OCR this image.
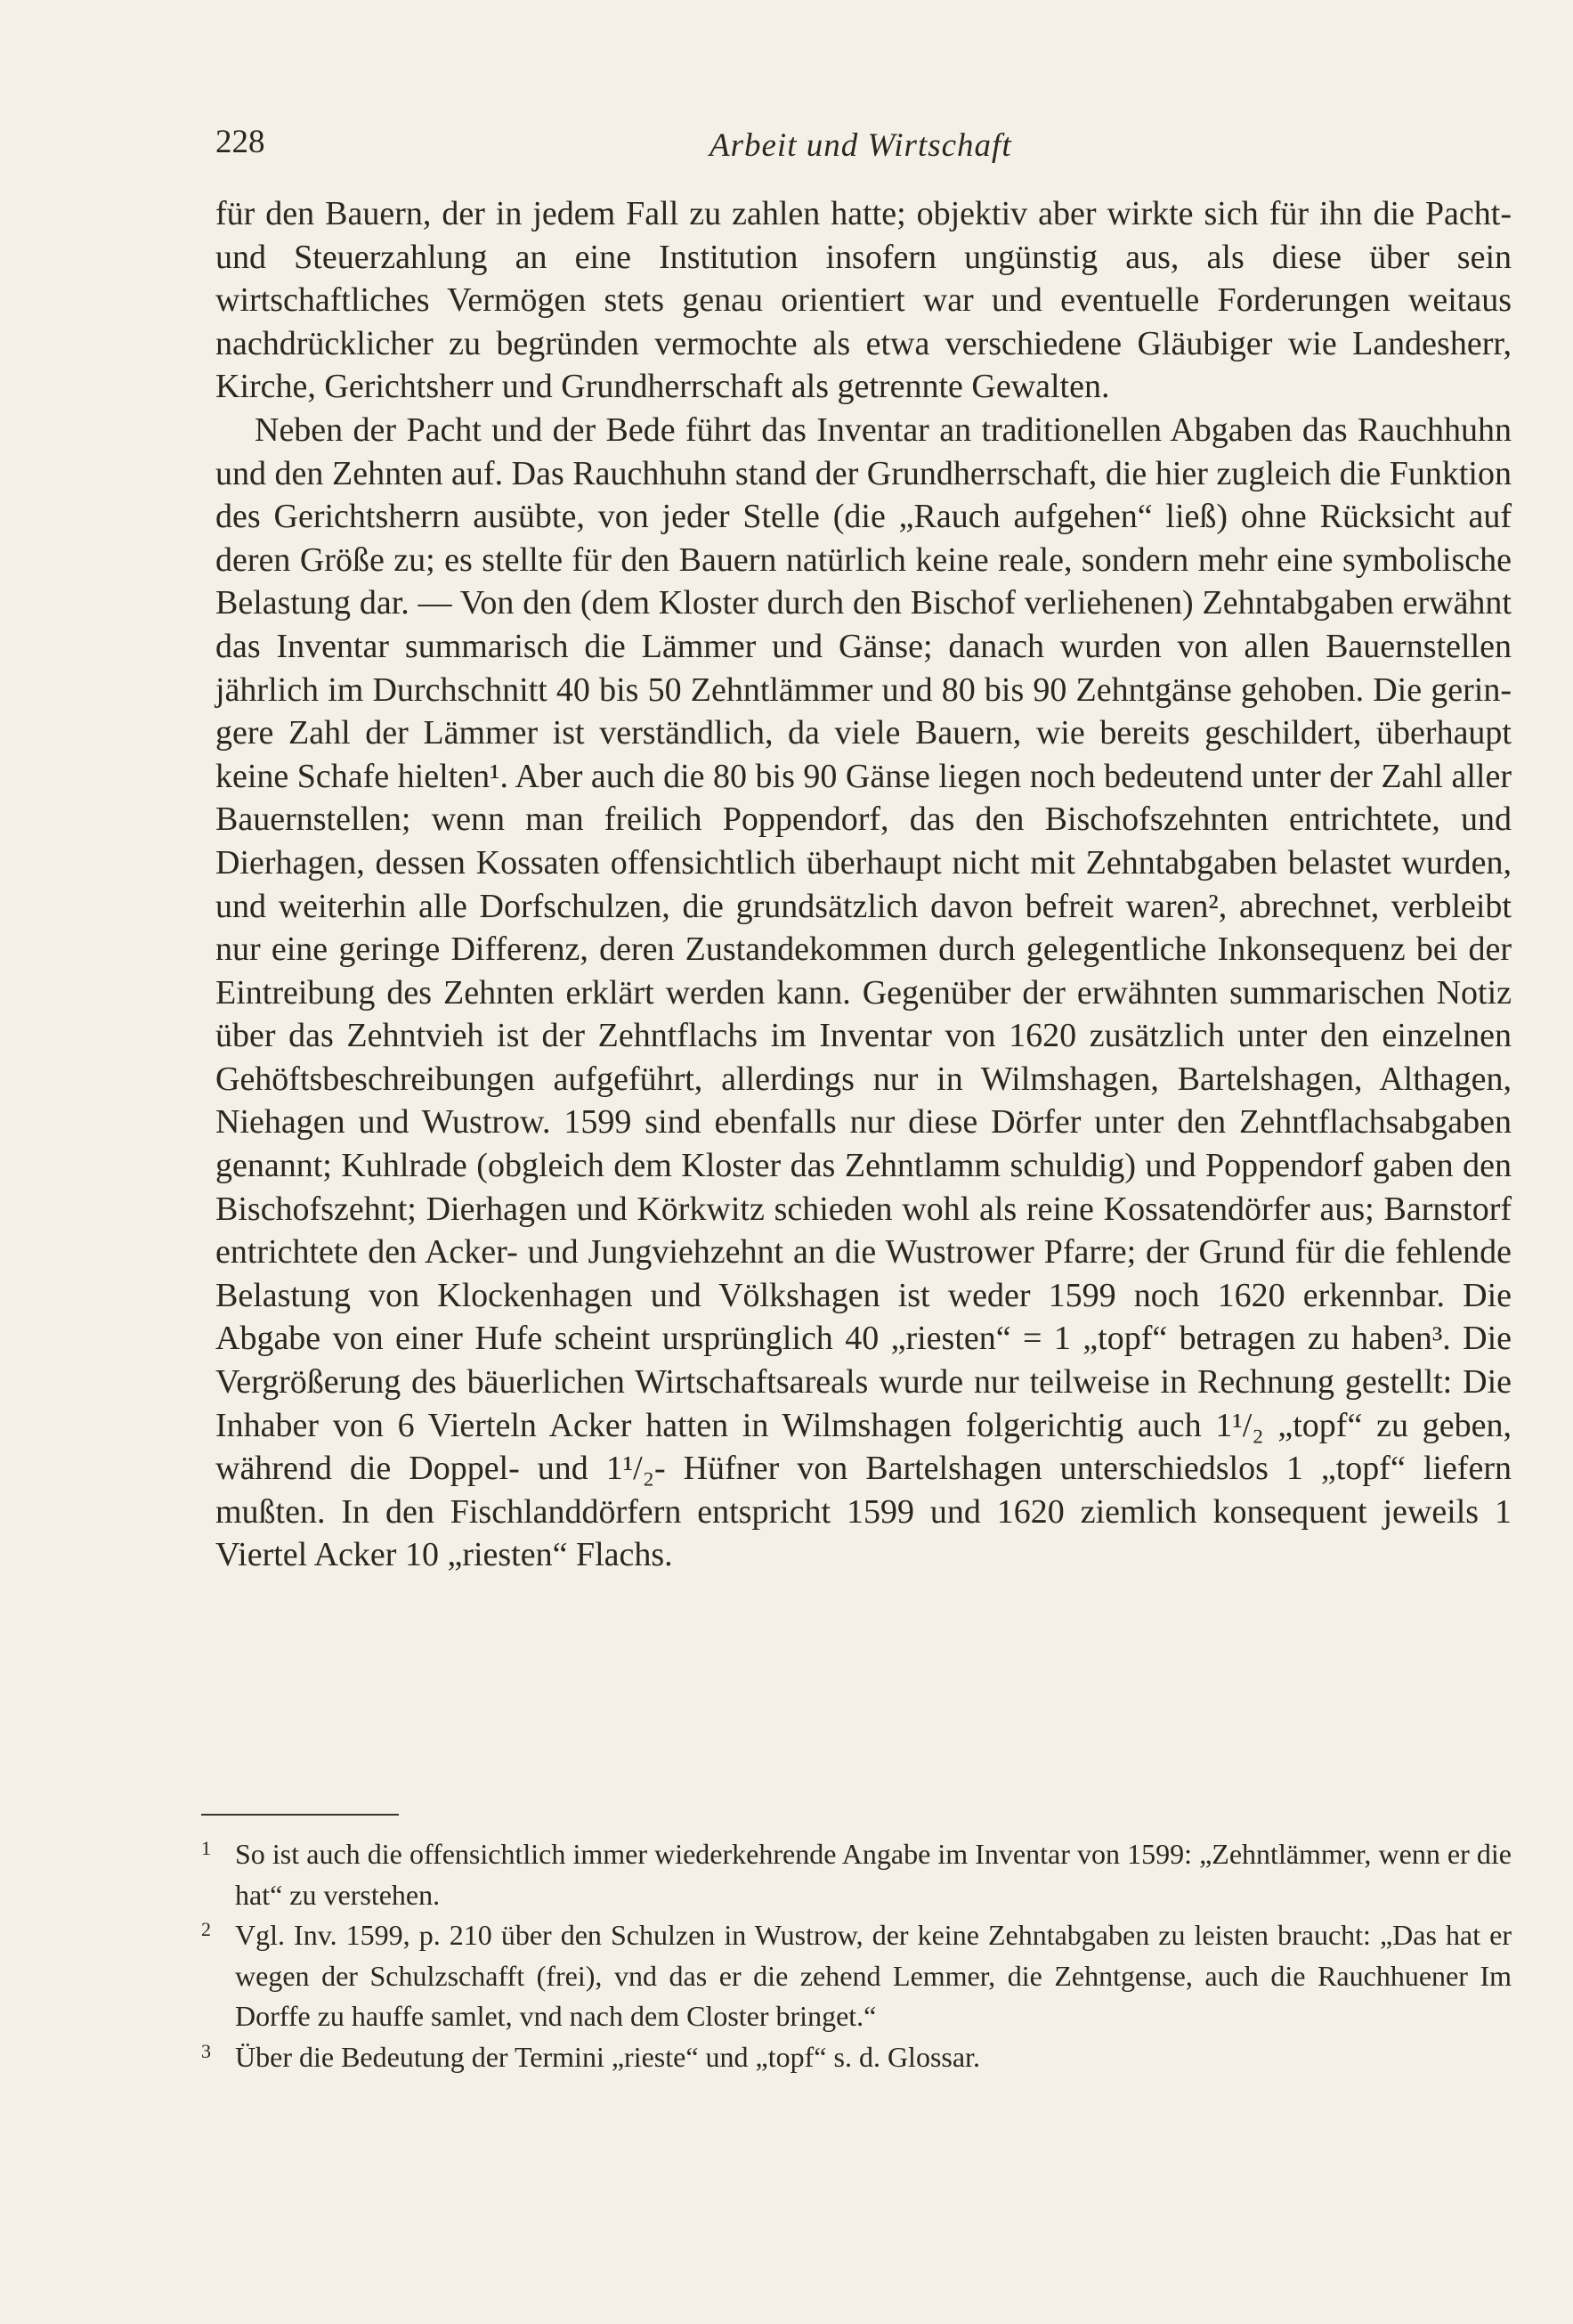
228	Arbeit und Wirtschaft

für den Bauern, der in jedem Fall zu zahlen hatte; objektiv aber wirkte sich für ihn die Pacht- und Steuerzahlung an eine Institution insofern ungünstig aus, als diese über sein wirtschaftliches Vermögen stets genau orientiert war und eventuelle Forderungen weitaus nachdrücklicher zu begründen vermochte als etwa verschiedene Gläubiger wie Landesherr, Kirche, Gerichtsherr und Grundherrschaft als getrennte Gewalten.

Neben der Pacht und der Bede führt das Inventar an traditionellen Abgaben das Rauchhuhn und den Zehnten auf. Das Rauchhuhn stand der Grundherrschaft, die hier zugleich die Funktion des Gerichtsherrn ausübte, von jeder Stelle (die „Rauch aufgehen“ ließ) ohne Rücksicht auf deren Größe zu; es stellte für den Bauern natürlich keine reale, sondern mehr eine symbolische Belastung dar. — Von den (dem Kloster durch den Bischof verliehenen) Zehntabgaben erwähnt das Inventar summarisch die Lämmer und Gänse; danach wurden von allen Bauernstellen jährlich im Durchschnitt 40 bis 50 Zehntlämmer und 80 bis 90 Zehntgänse gehoben. Die geringere Zahl der Lämmer ist verständlich, da viele Bauern, wie bereits geschildert, überhaupt keine Schafe hielten¹. Aber auch die 80 bis 90 Gänse liegen noch bedeutend unter der Zahl aller Bauernstellen; wenn man freilich Poppendorf, das den Bischofszehnten entrichtete, und Dierhagen, dessen Kossaten offensichtlich überhaupt nicht mit Zehntabgaben belastet wurden, und weiterhin alle Dorfschulzen, die grundsätzlich davon befreit waren², abrechnet, verbleibt nur eine geringe Differenz, deren Zustandekommen durch gelegentliche Inkonsequenz bei der Eintreibung des Zehnten erklärt werden kann. Gegenüber der erwähnten summarischen Notiz über das Zehntvieh ist der Zehntflachs im Inventar von 1620 zusätzlich unter den einzelnen Gehöftsbeschreibungen aufgeführt, allerdings nur in Wilmshagen, Bartelshagen, Althagen, Niehagen und Wustrow. 1599 sind ebenfalls nur diese Dörfer unter den Zehntflachsabgaben genannt; Kuhlrade (obgleich dem Kloster das Zehntlamm schuldig) und Poppendorf gaben den Bischofszehnt; Dierhagen und Körkwitz schieden wohl als reine Kossatendörfer aus; Barnstorf entrichtete den Acker- und Jungviehzehnt an die Wustrower Pfarre; der Grund für die fehlende Belastung von Klockenhagen und Völkshagen ist weder 1599 noch 1620 erkennbar. Die Abgabe von einer Hufe scheint ursprünglich 40 „riesten“ = 1 „topf“ betragen zu haben³. Die Vergrößerung des bäuerlichen Wirtschaftsareals wurde nur teilweise in Rechnung gestellt: Die Inhaber von 6 Vierteln Acker hatten in Wilmshagen folgerichtig auch 1¹/₂ „topf“ zu geben, während die Doppel- und 1¹/₂- Hüfner von Bartelshagen unterschiedslos 1 „topf“ liefern mußten. In den Fischlanddörfern entspricht 1599 und 1620 ziemlich konsequent jeweils 1 Viertel Acker 10 „riesten“ Flachs.

1 So ist auch die offensichtlich immer wiederkehrende Angabe im Inventar von 1599: „Zehntlämmer, wenn er die hat“ zu verstehen.
2 Vgl. Inv. 1599, p. 210 über den Schulzen in Wustrow, der keine Zehntabgaben zu leisten braucht: „Das hat er wegen der Schulzschafft (frei), vnd das er die zehend Lemmer, die Zehntgense, auch die Rauchhuener Im Dorffe zu hauffe samlet, vnd nach dem Closter bringet.“
3 Über die Bedeutung der Termini „rieste“ und „topf“ s. d. Glossar.
